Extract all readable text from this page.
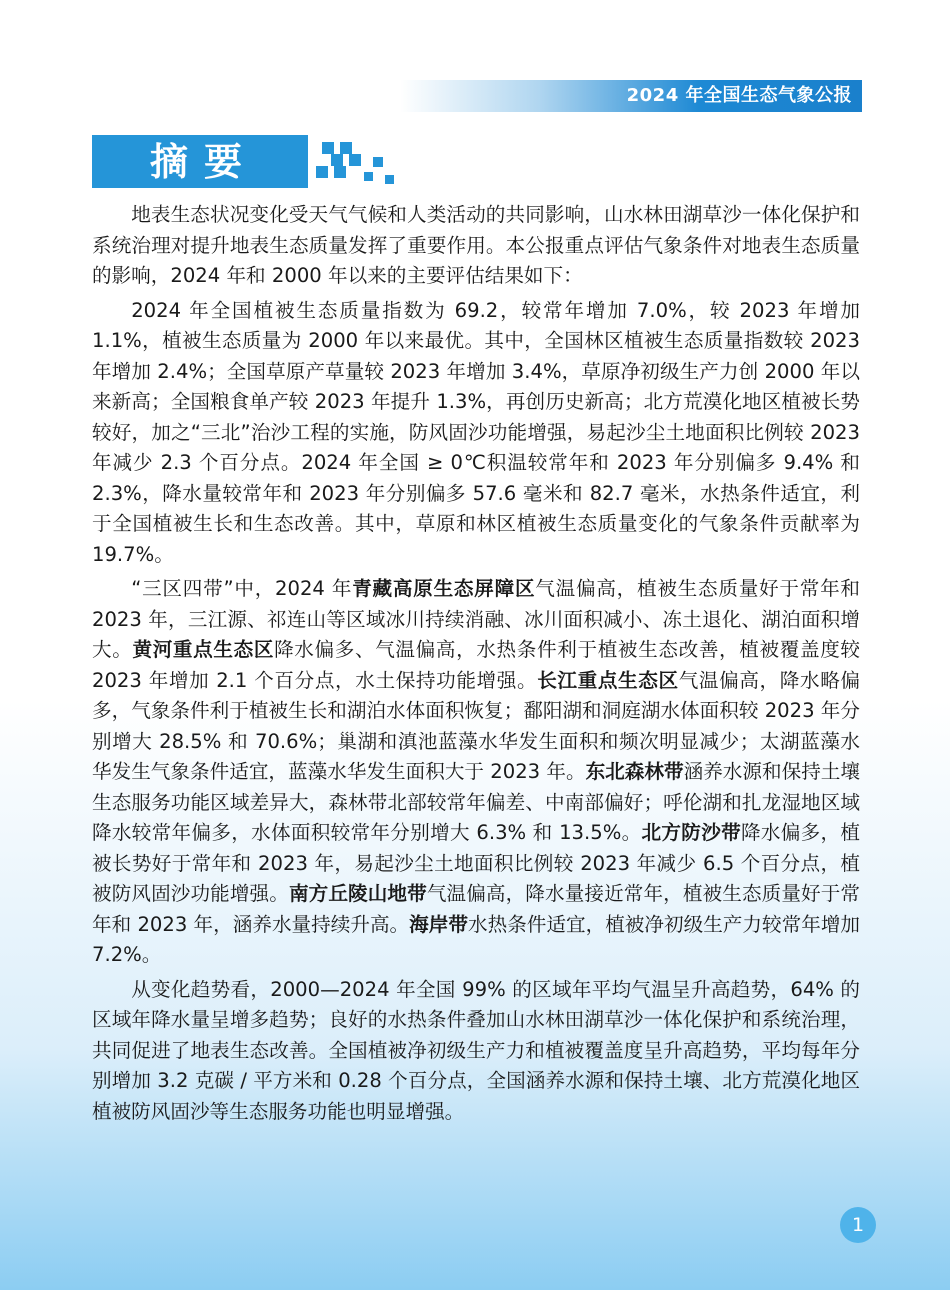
2024 年全国生态气象公报
摘要

地表生态状况变化受天气气候和人类活动的共同影响，山水林田湖草沙一体化保护和系统治理对提升地表生态质量发挥了重要作用。本公报重点评估气象条件对地表生态质量的影响，2024 年和 2000 年以来的主要评估结果如下：

2024 年全国植被生态质量指数为 69.2，较常年增加 7.0%，较 2023 年增加 1.1%，植被生态质量为 2000 年以来最优。其中，全国林区植被生态质量指数较 2023 年增加 2.4%；全国草原产草量较 2023 年增加 3.4%，草原净初级生产力创 2000 年以来新高；全国粮食单产较 2023 年提升 1.3%，再创历史新高；北方荒漠化地区植被长势较好，加之“三北”治沙工程的实施，防风固沙功能增强，易起沙尘土地面积比例较 2023 年减少 2.3 个百分点。2024 年全国 ≥ 0℃积温较常年和 2023 年分别偏多 9.4% 和 2.3%，降水量较常年和 2023 年分别偏多 57.6 毫米和 82.7 毫米，水热条件适宜，利于全国植被生长和生态改善。其中，草原和林区植被生态质量变化的气象条件贡献率为 19.7%。

“三区四带”中，2024 年青藏高原生态屏障区气温偏高，植被生态质量好于常年和 2023 年，三江源、祁连山等区域冰川持续消融、冰川面积减小、冻土退化、湖泊面积增大。黄河重点生态区降水偏多、气温偏高，水热条件利于植被生态改善，植被覆盖度较 2023 年增加 2.1 个百分点，水土保持功能增强。长江重点生态区气温偏高，降水略偏多，气象条件利于植被生长和湖泊水体面积恢复；鄱阳湖和洞庭湖水体面积较 2023 年分别增大 28.5% 和 70.6%；巢湖和滇池蓝藻水华发生面积和频次明显减少；太湖蓝藻水华发生气象条件适宜，蓝藻水华发生面积大于 2023 年。东北森林带涵养水源和保持土壤生态服务功能区域差异大，森林带北部较常年偏差、中南部偏好；呼伦湖和扎龙湿地区域降水较常年偏多，水体面积较常年分别增大 6.3% 和 13.5%。北方防沙带降水偏多，植被长势好于常年和 2023 年，易起沙尘土地面积比例较 2023 年减少 6.5 个百分点，植被防风固沙功能增强。南方丘陵山地带气温偏高，降水量接近常年，植被生态质量好于常年和 2023 年，涵养水量持续升高。海岸带水热条件适宜，植被净初级生产力较常年增加 7.2%。

从变化趋势看，2000—2024 年全国 99% 的区域年平均气温呈升高趋势，64% 的区域年降水量呈增多趋势；良好的水热条件叠加山水林田湖草沙一体化保护和系统治理，共同促进了地表生态改善。全国植被净初级生产力和植被覆盖度呈升高趋势，平均每年分别增加 3.2 克碳 / 平方米和 0.28 个百分点，全国涵养水源和保持土壤、北方荒漠化地区植被防风固沙等生态服务功能也明显增强。

1
